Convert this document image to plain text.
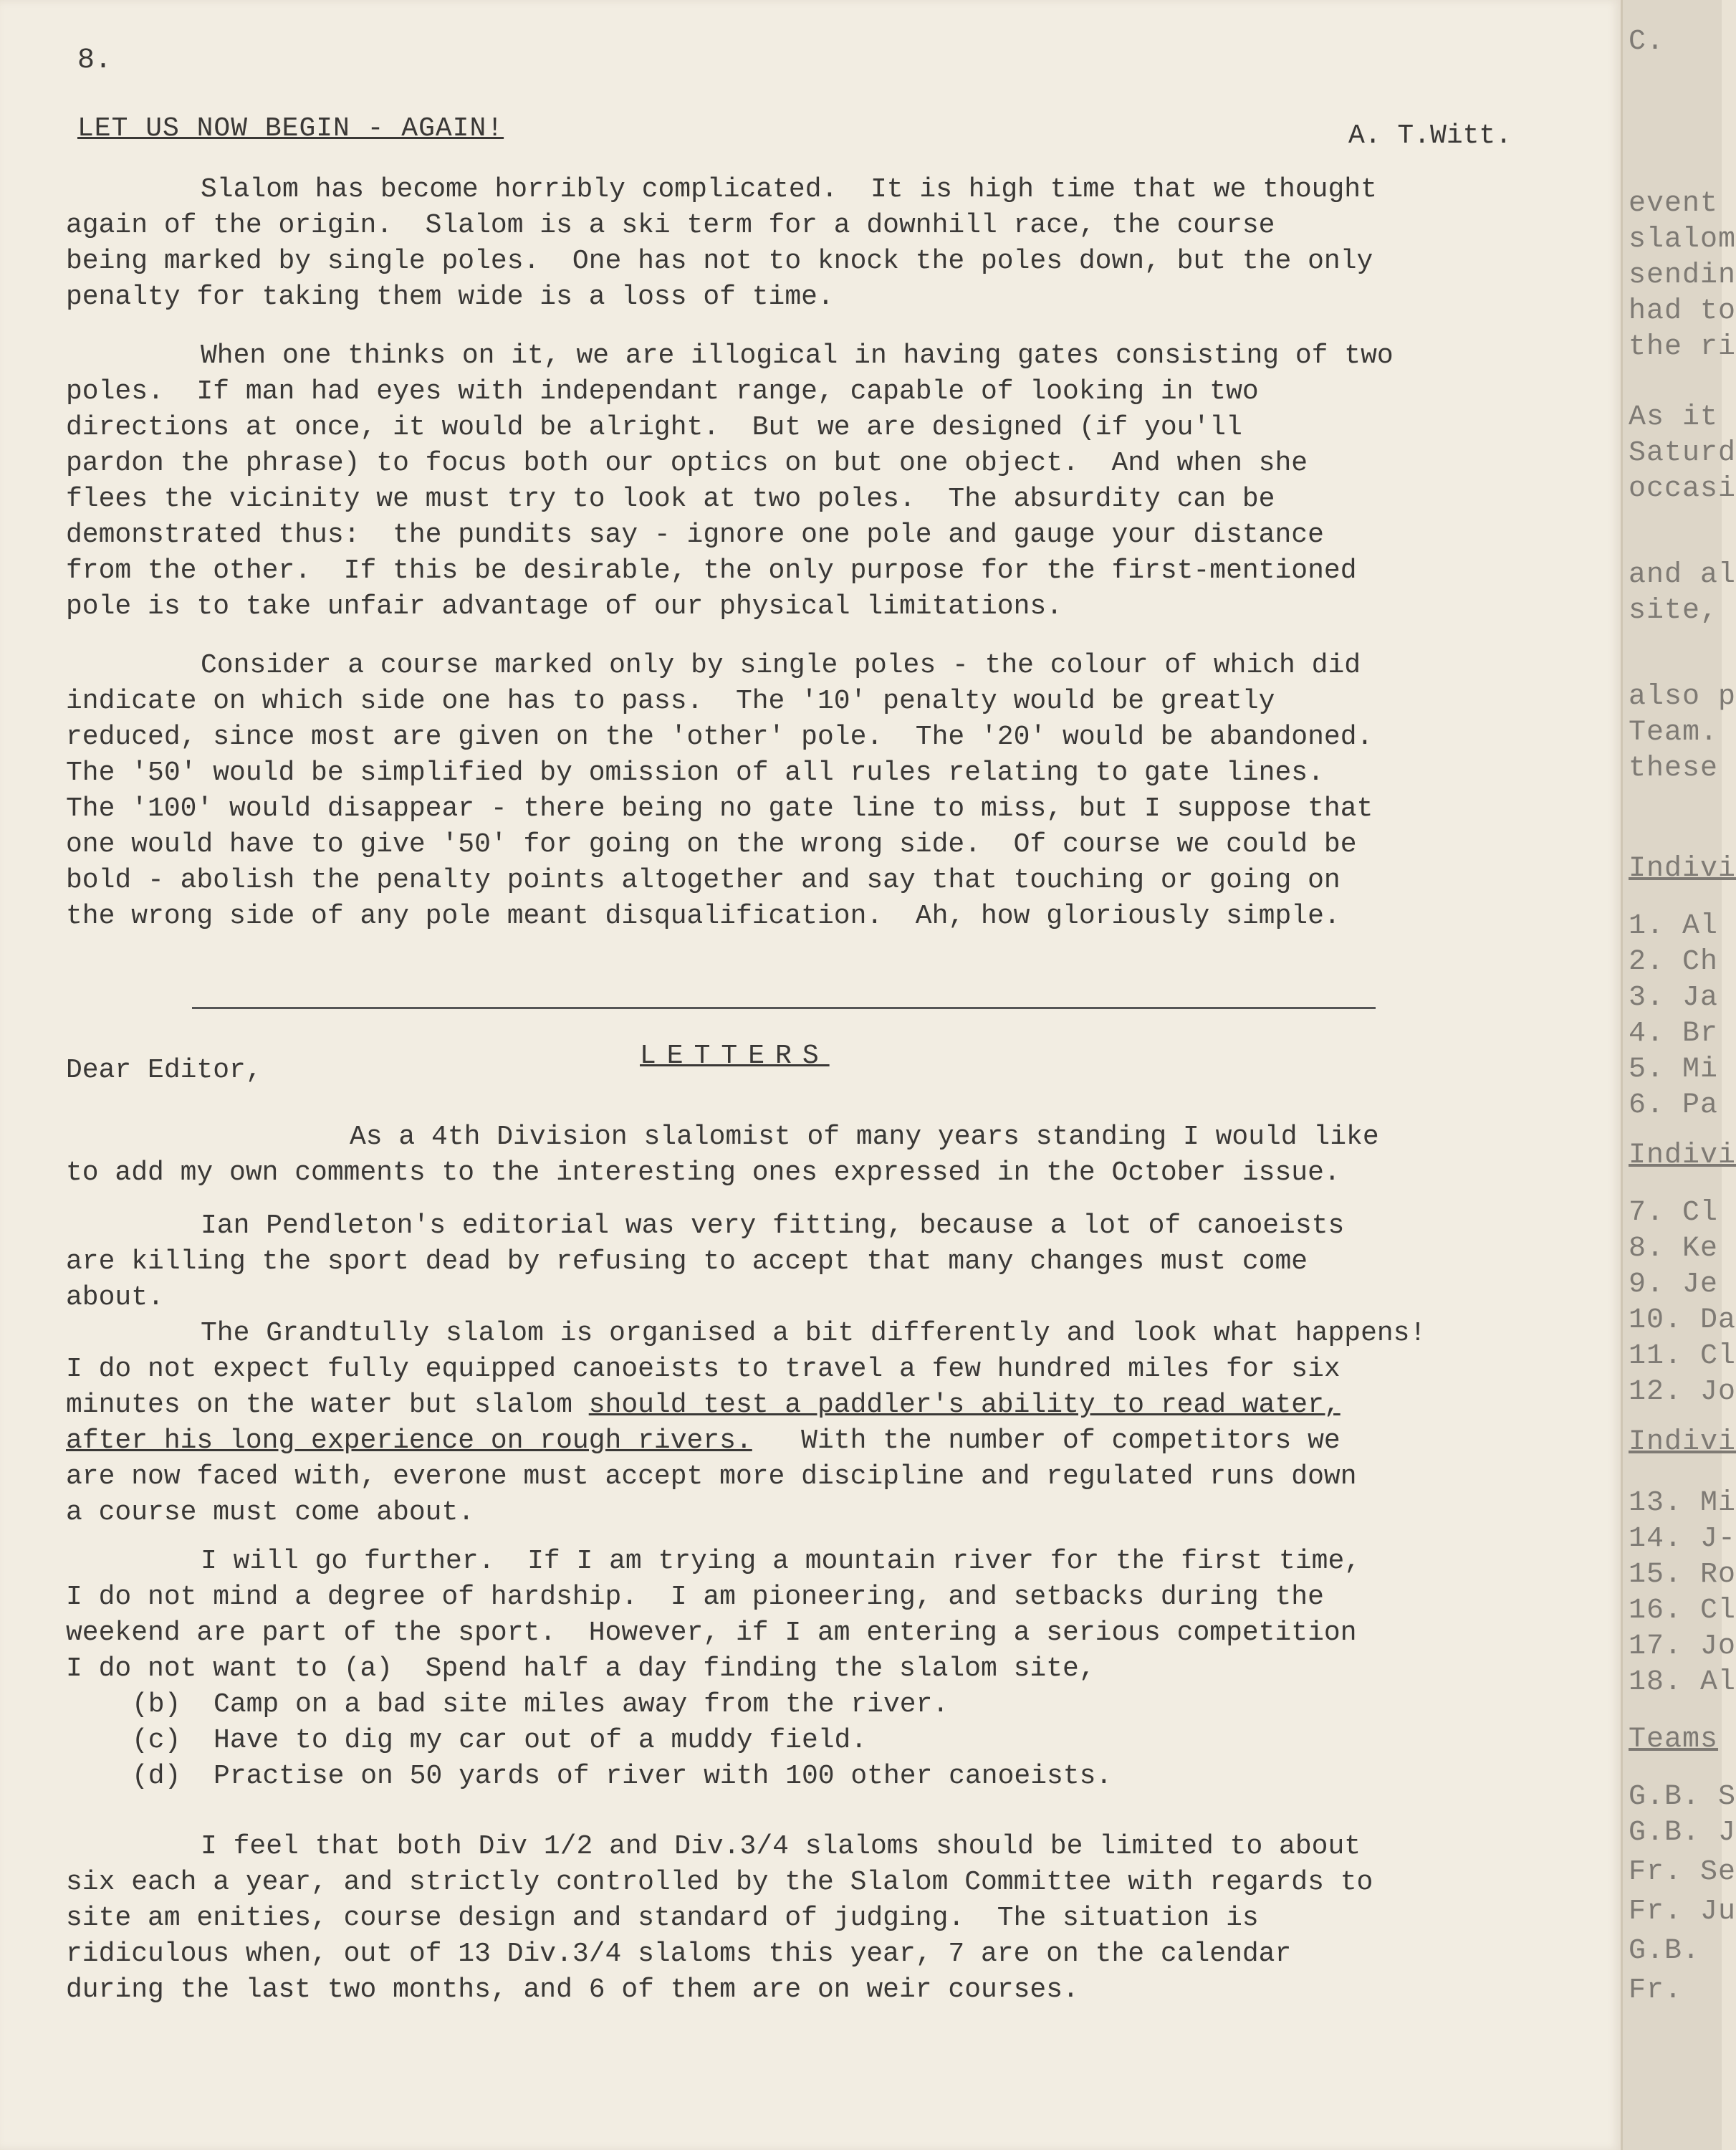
8.
LET US NOW BEGIN - AGAIN!	A. T.Witt.
Slalom has become horribly complicated.  It is high time that we thought
again of the origin.  Slalom is a ski term for a downhill race, the course
being marked by single poles.  One has not to knock the poles down, but the only
penalty for taking them wide is a loss of time.
When one thinks on it, we are illogical in having gates consisting of two
poles.  If man had eyes with independant range, capable of looking in two
directions at once, it would be alright.  But we are designed (if you'll
pardon the phrase) to focus both our optics on but one object.  And when she
flees the vicinity we must try to look at two poles.  The absurdity can be
demonstrated thus:  the pundits say - ignore one pole and gauge your distance
from the other.  If this be desirable, the only purpose for the first-mentioned
pole is to take unfair advantage of our physical limitations.
Consider a course marked only by single poles - the colour of which did
indicate on which side one has to pass.  The '10' penalty would be greatly
reduced, since most are given on the 'other' pole.  The '20' would be abandoned.
The '50' would be simplified by omission of all rules relating to gate lines.
The '100' would disappear - there being no gate line to miss, but I suppose that
one would have to give '50' for going on the wrong side.  Of course we could be
bold - abolish the penalty points altogether and say that touching or going on
the wrong side of any pole meant disqualification.  Ah, how gloriously simple.
LETTERS
Dear Editor,
As a 4th Division slalomist of many years standing I would like
to add my own comments to the interesting ones expressed in the October issue.
Ian Pendleton's editorial was very fitting, because a lot of canoeists
are killing the sport dead by refusing to accept that many changes must come
about.
The Grandtully slalom is organised a bit differently and look what happens!
I do not expect fully equipped canoeists to travel a few hundred miles for six
minutes on the water but slalom should test a paddler's ability to read water,
after his long experience on rough rivers.   With the number of competitors we
are now faced with, everone must accept more discipline and regulated runs down
a course must come about.
I will go further.  If I am trying a mountain river for the first time,
I do not mind a degree of hardship.  I am pioneering, and setbacks during the
weekend are part of the sport.  However, if I am entering a serious competition
I do not want to (a)  Spend half a day finding the slalom site,
(b)  Camp on a bad site miles away from the river.
(c)  Have to dig my car out of a muddy field.
(d)  Practise on 50 yards of river with 100 other canoeists.
I feel that both Div 1/2 and Div.3/4 slaloms should be limited to about
six each a year, and strictly controlled by the Slalom Committee with regards to
site am enities, course design and standard of judging.  The situation is
ridiculous when, out of 13 Div.3/4 slaloms this year, 7 are on the calendar
during the last two months, and 6 of them are on weir courses.
C.
event
slalom
sendin
had to
the ri
As it
Saturd
occasi
and al
site,
also p
Team.
these
Indivi
1. Al
2. Ch
3. Ja
4. Br
5. Mi
6. Pa
Indivi
7. Cl
8. Ke
9. Je
10. Da
11. Cl
12. Jo
Indivi
13. Mi
14. J-
15. Ro
16. Cl
17. Jo
18. Al
Teams
G.B. S
G.B. J
Fr. Se
Fr. Ju
G.B.
Fr.
